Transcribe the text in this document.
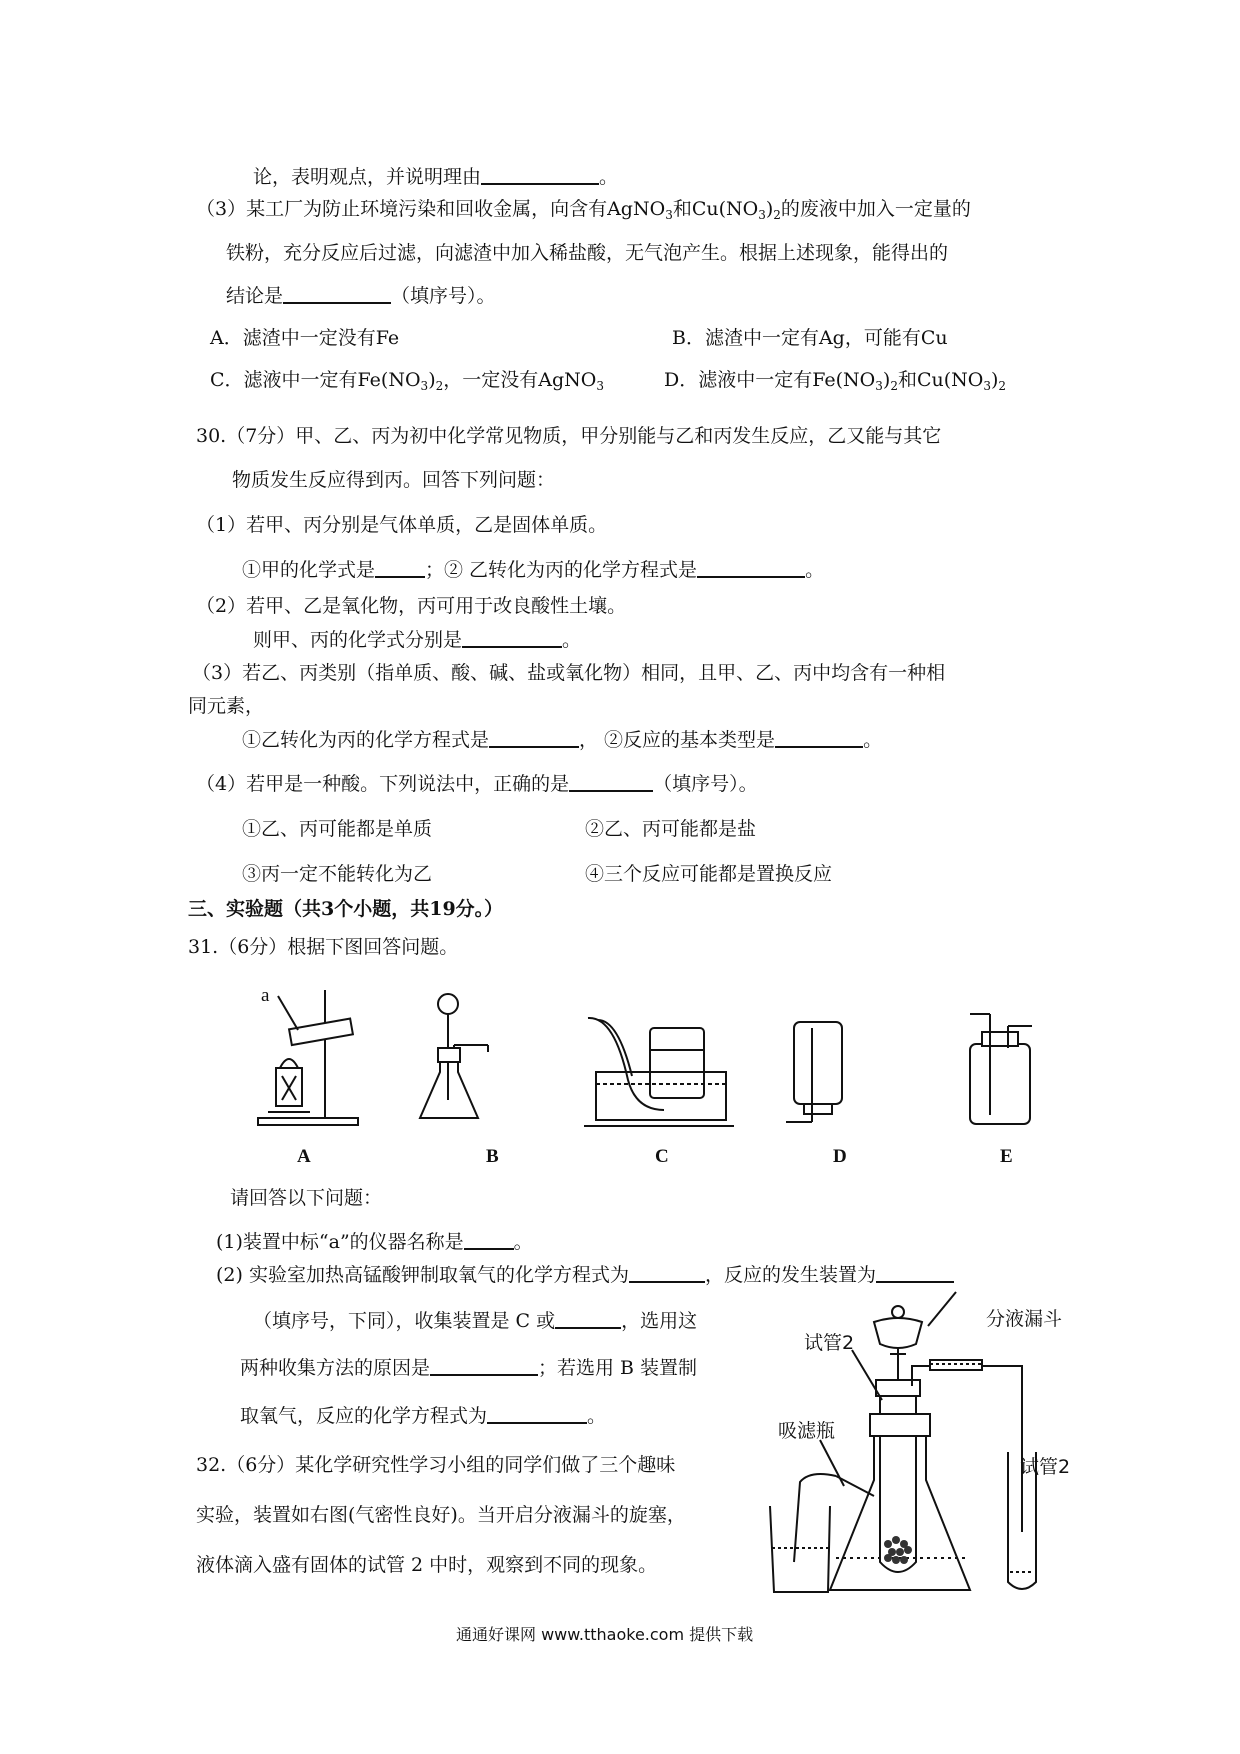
论，表明观点，并说明理由	。
（3）某工厂为防止环境污染和回收金属，向含有AgNO$_3$和$Cu(NO_3)_2$的废液中加入一定量的
铁粉，充分反应后过滤，向滤渣中加入稀盐酸，无气泡产生。根据上述现象，能得出的
结论是	（填序号）。
A．滤渣中一定没有Fe	B．滤渣中一定有Ag，可能有Cu
C．滤液中一定有$Fe(NO_3)_2$，一定没有AgNO$_3$	D．滤液中一定有$Fe(NO_3)_2$和$Cu(NO_3)_2$
30.（7分）甲、乙、丙为初中化学常见物质，甲分别能与乙和丙发生反应，乙又能与其它
物质发生反应得到丙。回答下列问题：
（1）若甲、丙分别是气体单质，乙是固体单质。
①甲的化学式是	；② 乙转化为丙的化学方程式是	。
（2）若甲、乙是氧化物，丙可用于改良酸性土壤。
则甲、丙的化学式分别是	。
（3）若乙、丙类别（指单质、酸、碱、盐或氧化物）相同，且甲、乙、丙中均含有一种相
同元素，
①乙转化为丙的化学方程式是	， ②反应的基本类型是	。
（4）若甲是一种酸。下列说法中，正确的是	（填序号）。
①乙、丙可能都是单质	②乙、丙可能都是盐
③丙一定不能转化为乙	④三个反应可能都是置换反应
三、实验题（共3个小题，共19分。）
31.（6分）根据下图回答问题。
a
A	B	C	D	E
请回答以下问题：
(1)装置中标“a”的仪器名称是	。
(2) 实验室加热高锰酸钾制取氧气的化学方程式为	，反应的发生装置为
（填序号，下同），收集装置是 C 或	，选用这
两种收集方法的原因是	；若选用 B 装置制
取氧气，反应的化学方程式为	。
32.（6分）某化学研究性学习小组的同学们做了三个趣味
实验，装置如右图(气密性良好)。当开启分液漏斗的旋塞，
液体滴入盛有固体的试管 2 中时，观察到不同的现象。
分液漏斗
试管2
吸滤瓶
试管2
通通好课网 www.tthaoke.com 提供下载
